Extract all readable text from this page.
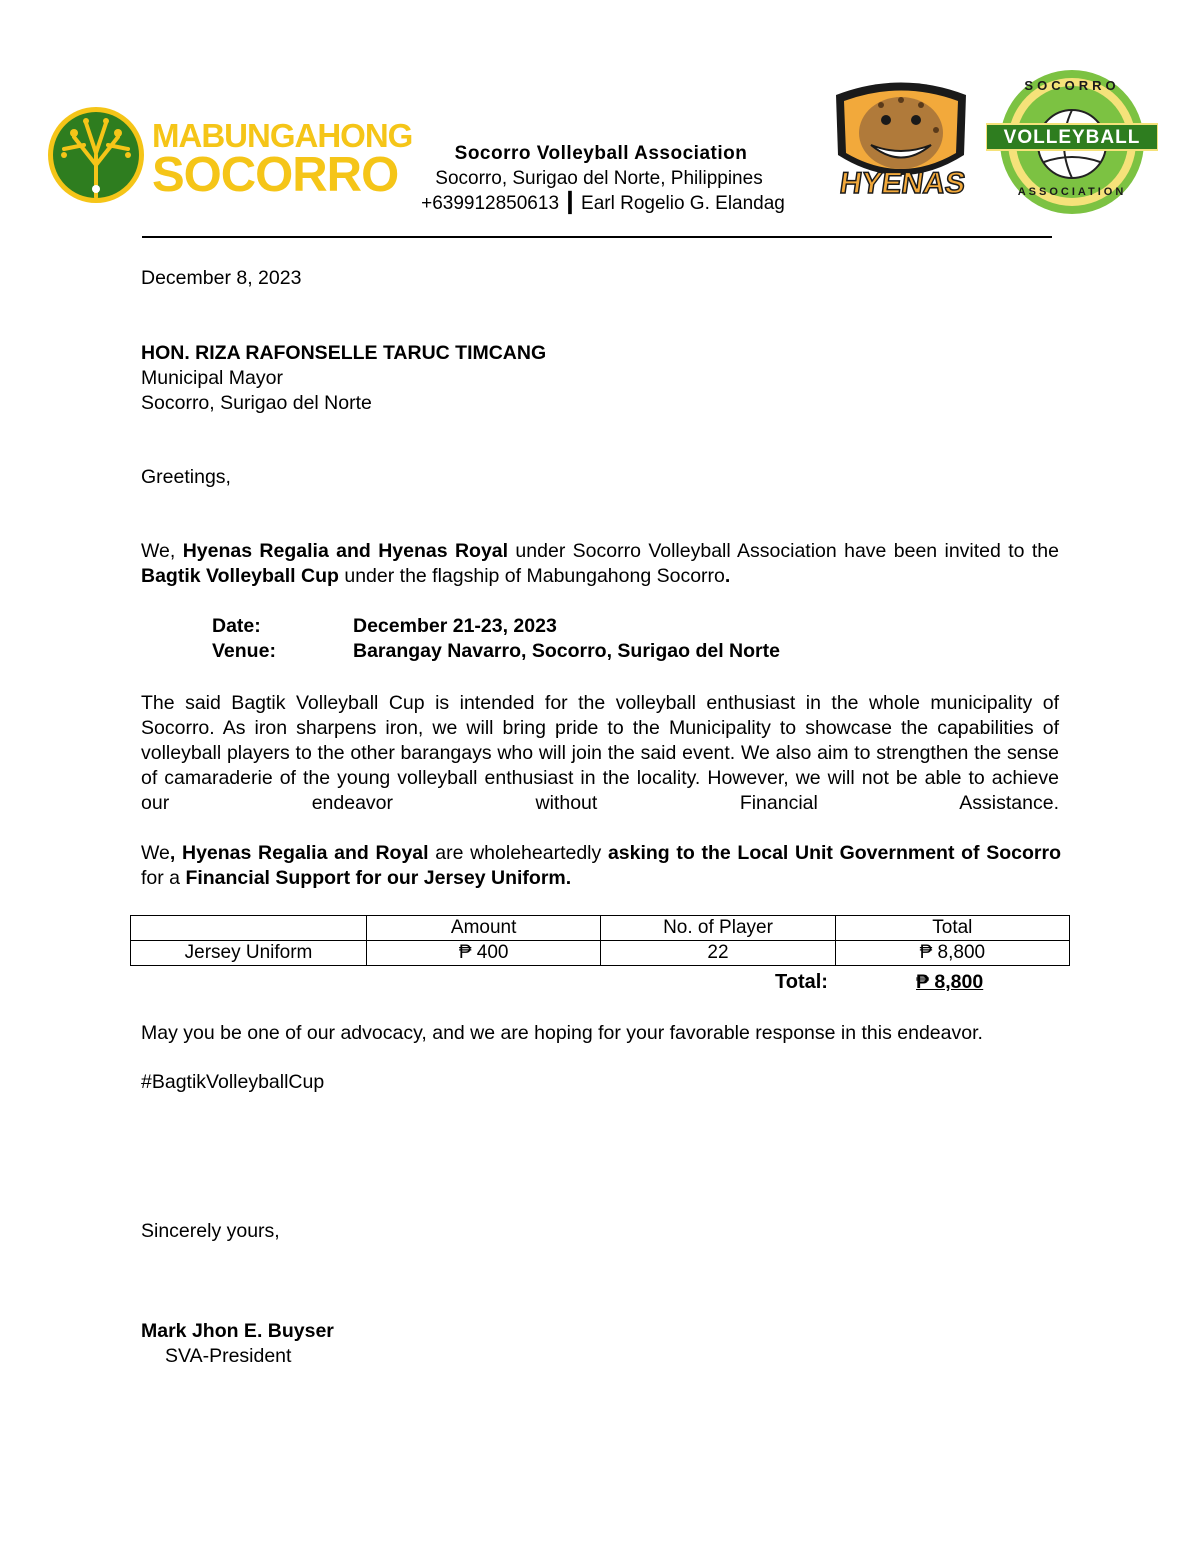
MABUNGAHONG
SOCORRO	Socorro Volleyball Association
Socorro, Surigao del Norte, Philippines
+639912850613 ┃ Earl Rogelio G. Elandag
HYENAS
SOCORRO
VOLLEYBALL
ASSOCIATION
December 8, 2023
HON. RIZA RAFONSELLE TARUC TIMCANG
Municipal Mayor
Socorro, Surigao del Norte
Greetings,
We, Hyenas Regalia and Hyenas Royal under Socorro Volleyball Association have been invited to the Bagtik Volleyball Cup under the flagship of Mabungahong Socorro.
Date:	December 21-23, 2023
Venue:	Barangay Navarro, Socorro, Surigao del Norte
The said Bagtik Volleyball Cup is intended for the volleyball enthusiast in the whole municipality of Socorro. As iron sharpens iron, we will bring pride to the Municipality to showcase the capabilities of volleyball players to the other barangays who will join the said event. We also aim to strengthen the sense of camaraderie of the young volleyball enthusiast in the locality. However, we will not be able to achieve our endeavor without Financial Assistance.
We, Hyenas Regalia and Royal are wholeheartedly asking to the Local Unit Government of Socorro for a Financial Support for our Jersey Uniform.
	Amount	No. of Player	Total
Jersey Uniform	₱ 400	22	₱ 8,800
Total:	₱ 8,800
May you be one of our advocacy, and we are hoping for your favorable response in this endeavor.
#BagtikVolleyballCup
Sincerely yours,
Mark Jhon E. Buyser
SVA-President
